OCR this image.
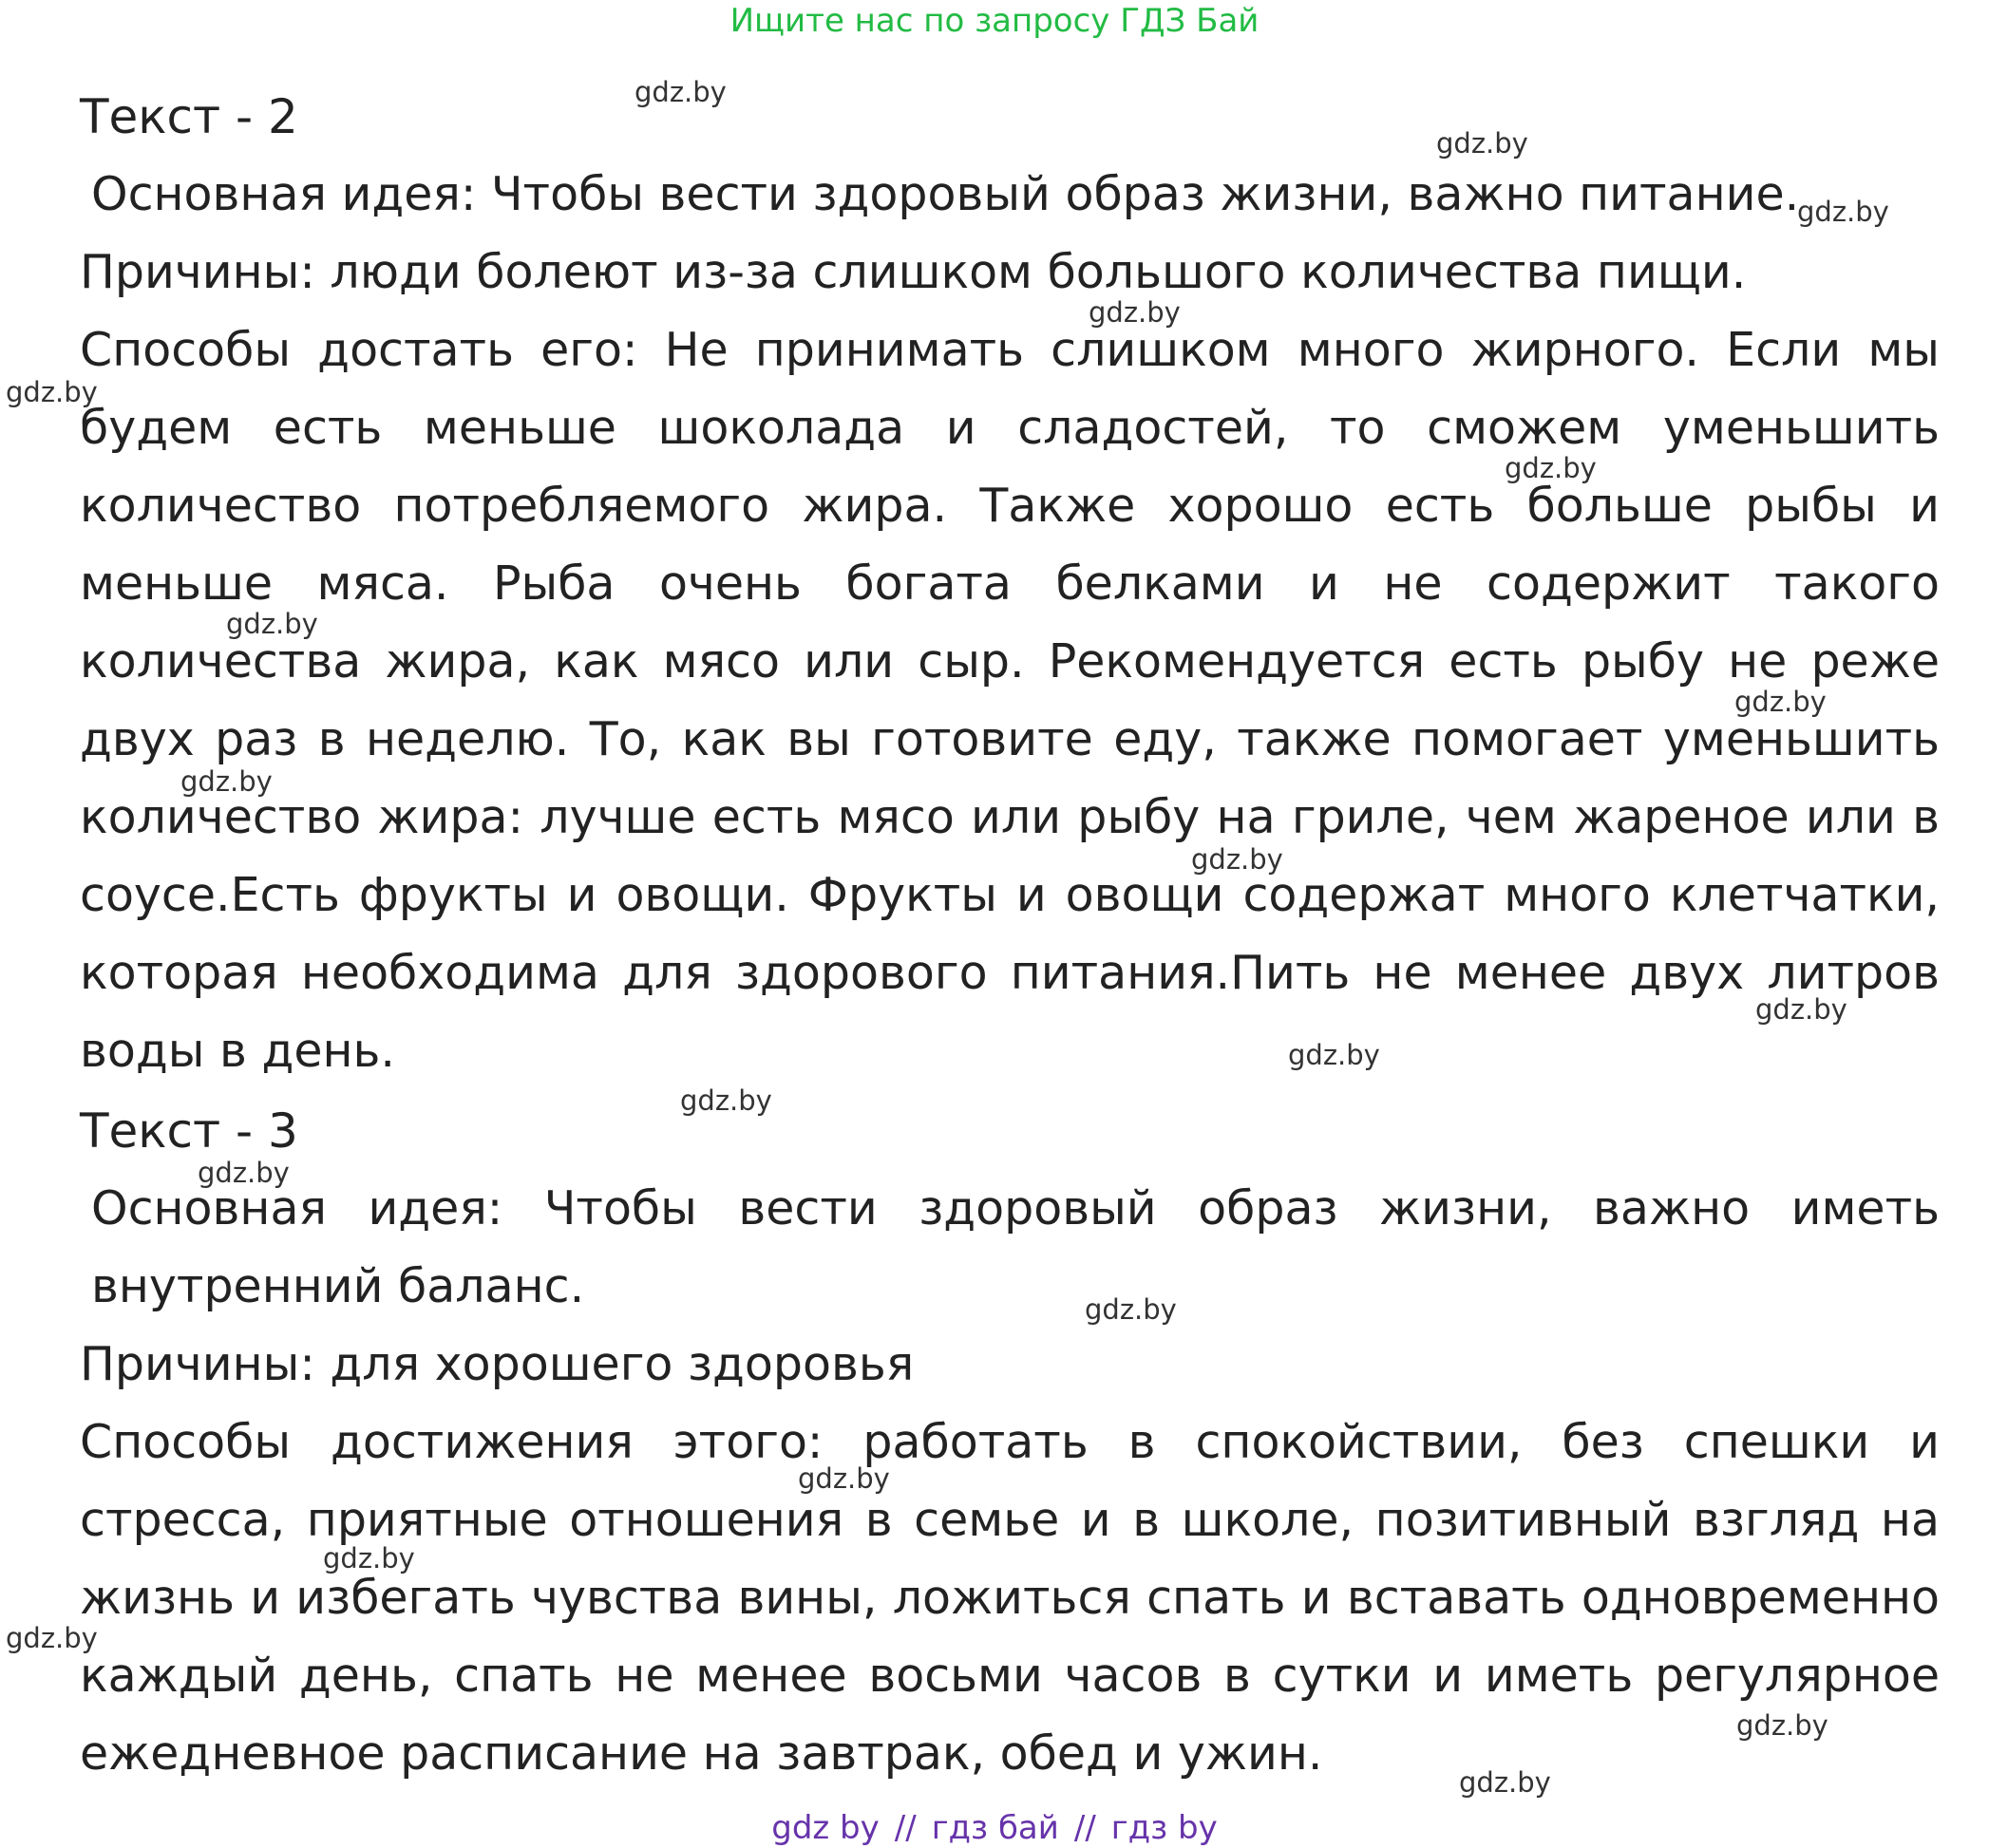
Ищите нас по запросу ГДЗ Бай
Текст - 2

Основная идея: Чтобы вести здоровый образ жизни, важно питание.

Причины: люди болеют из-за слишком большого количества пищи.

Способы достать его: Не принимать слишком много жирного. Если мы будем есть меньше шоколада и сладостей, то сможем уменьшить количество потребляемого жира. Также хорошо есть больше рыбы и меньше мяса. Рыба очень богата белками и не содержит такого количества жира, как мясо или сыр. Рекомендуется есть рыбу не реже двух раз в неделю. То, как вы готовите еду, также помогает уменьшить количество жира: лучше есть мясо или рыбу на гриле, чем жареное или в соусе.Есть фрукты и овощи. Фрукты и овощи содержат много клетчатки, которая необходима для здорового питания.Пить не менее двух литров воды в день.

Текст - 3

Основная идея: Чтобы вести здоровый образ жизни, важно иметь внутренний баланс.

Причины: для хорошего здоровья

Способы достижения этого: работать в спокойствии, без спешки и стресса, приятные отношения в семье и в школе, позитивный взгляд на жизнь и избегать чувства вины, ложиться спать и вставать одновременно каждый день, спать не менее восьми часов в сутки и иметь регулярное ежедневное расписание на завтрак, обед и ужин.

gdz.by
gdz.by
gdz.by
gdz.by
gdz.by
gdz.by
gdz.by
gdz.by
gdz.by
gdz.by
gdz.by
gdz.by
gdz.by
gdz.by
gdz.by
gdz.by
gdz.by
gdz.by
gdz.by
gdz.by
gdz by // гдз бай // гдз by
